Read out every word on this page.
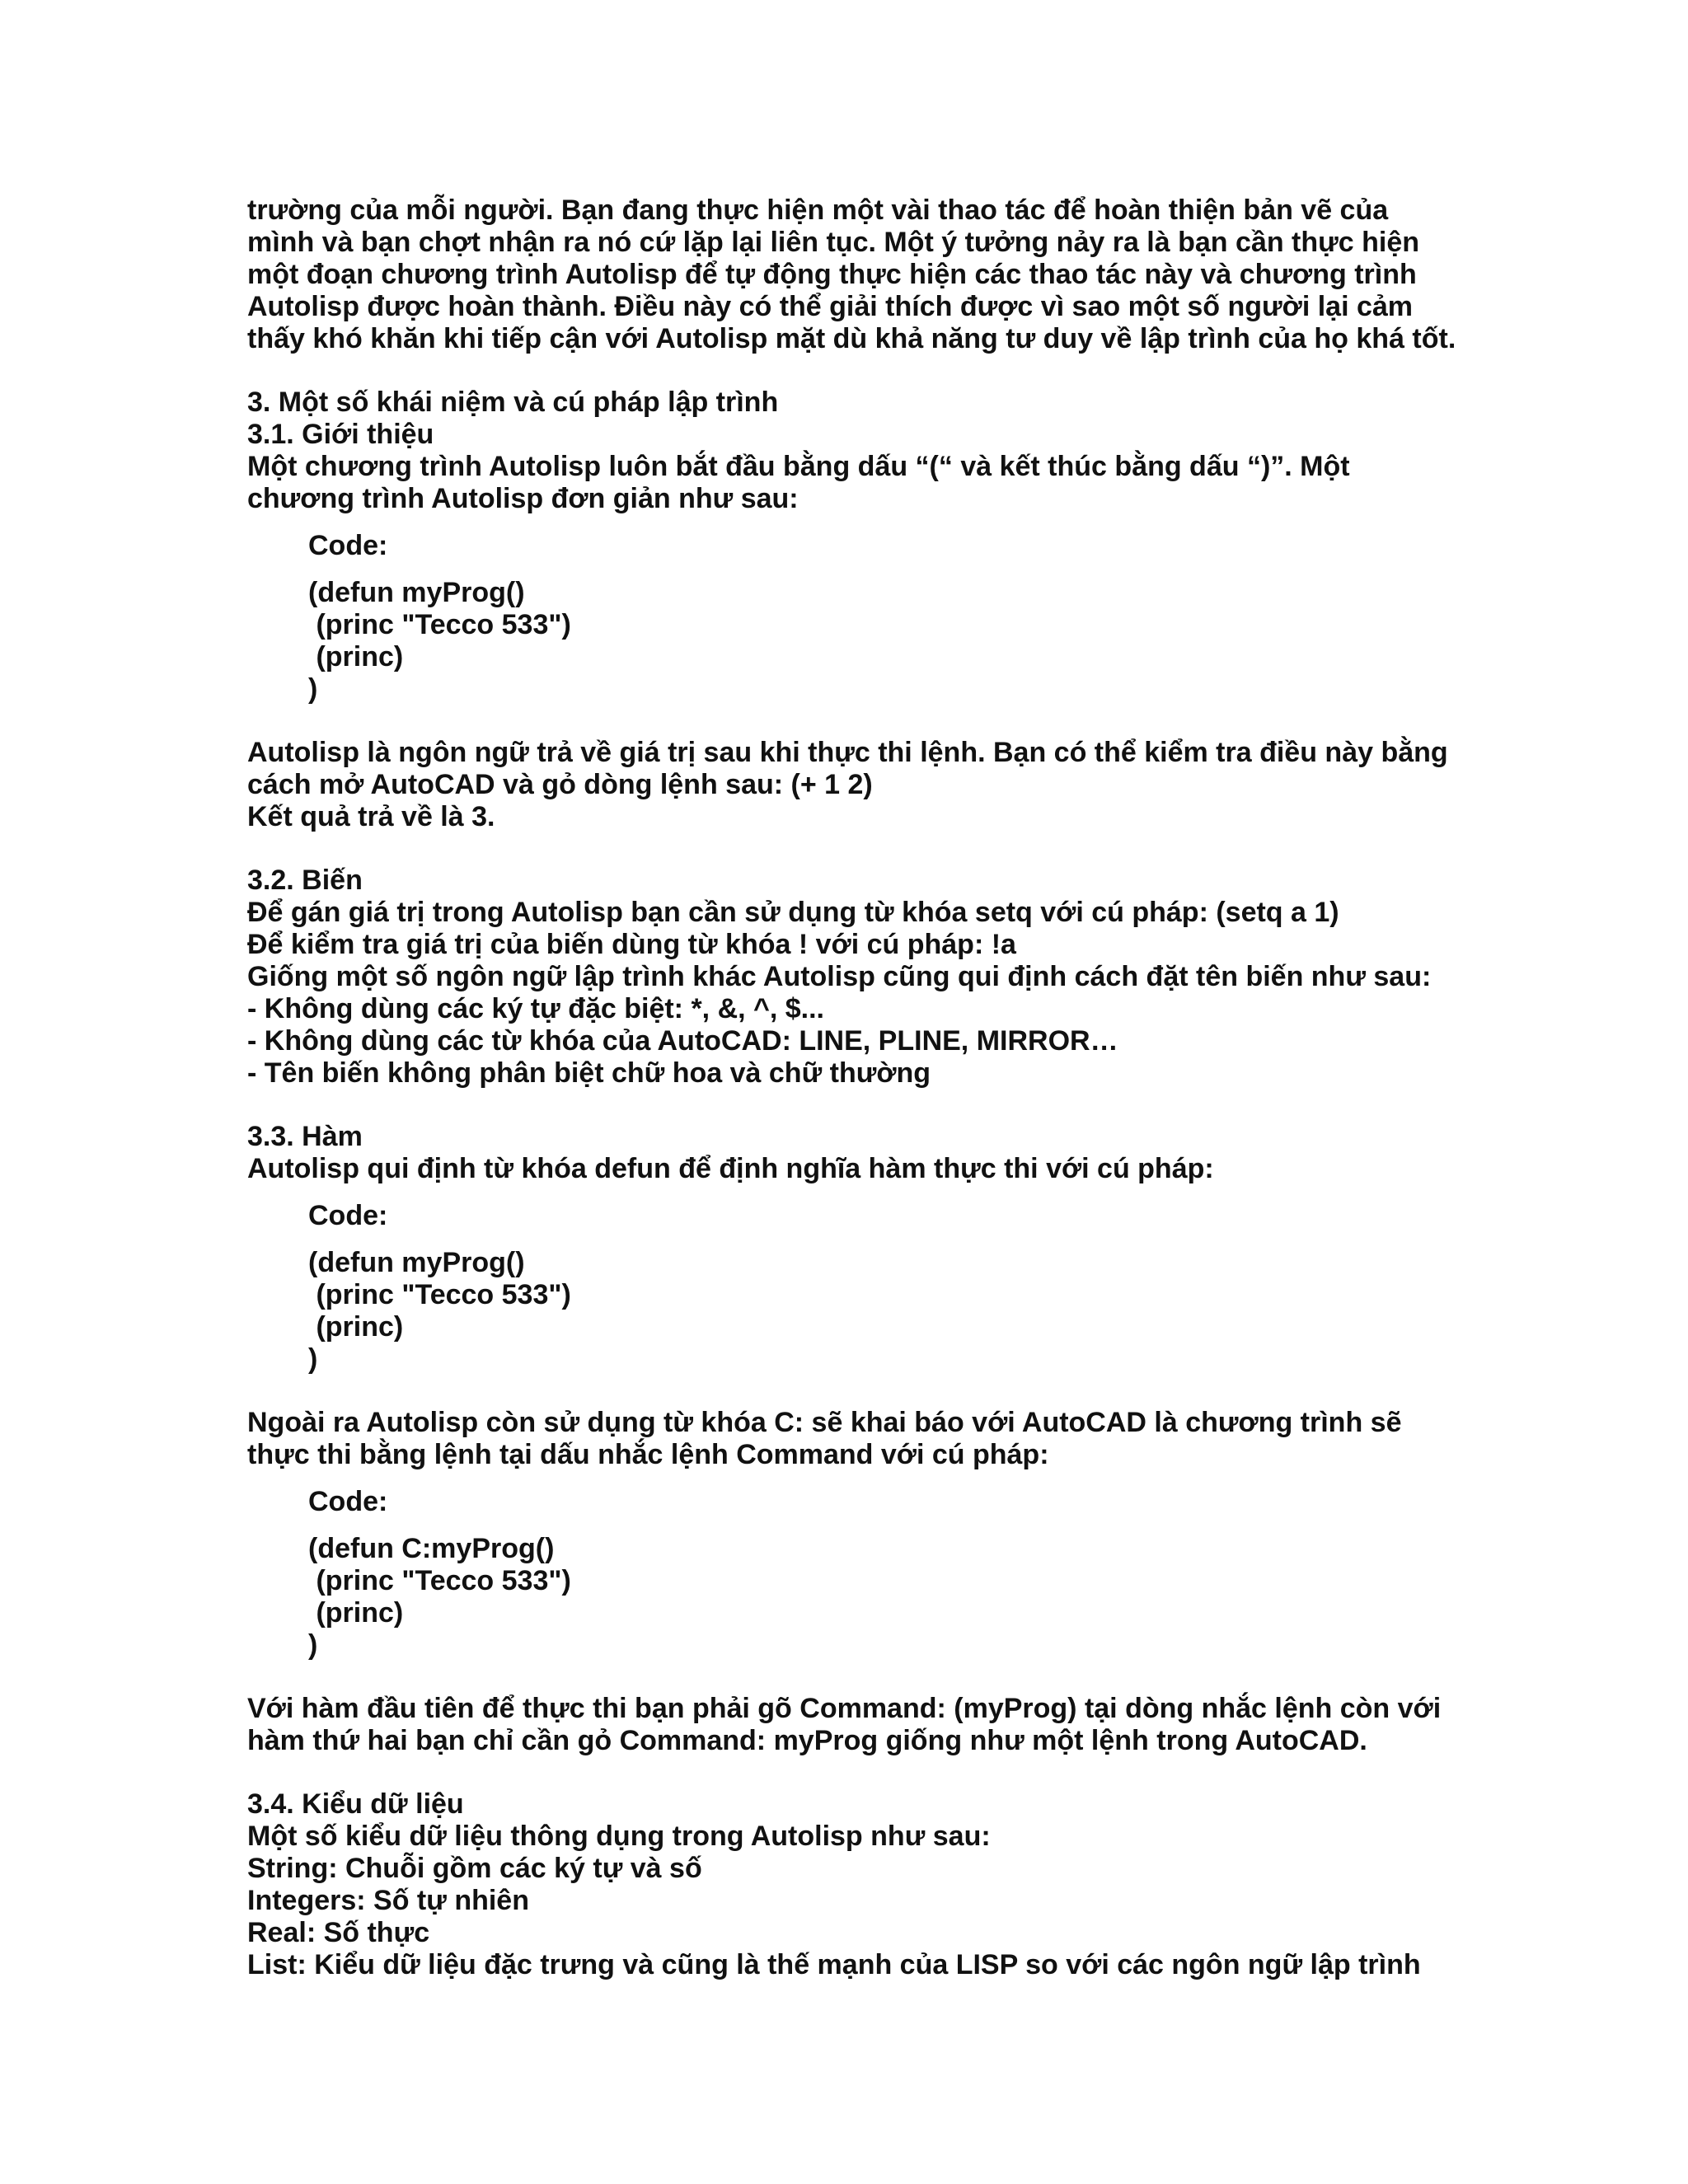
trường của mỗi người. Bạn đang thực hiện một vài thao tác để hoàn thiện bản vẽ của

mình và bạn chợt nhận ra nó cứ lặp lại liên tục. Một ý tưởng nảy ra là bạn cần thực hiện

một đoạn chương trình Autolisp để tự động thực hiện các thao tác này và chương trình

Autolisp được hoàn thành. Điều này có thể giải thích được vì sao một số người lại cảm

thấy khó khăn khi tiếp cận với Autolisp mặt dù khả năng tư duy về lập trình của họ khá tốt.

3. Một số khái niệm và cú pháp lập trình

3.1. Giới thiệu

Một chương trình Autolisp luôn bắt đầu bằng dấu “(“ và kết thúc bằng dấu “)”. Một

chương trình Autolisp đơn giản như sau:

Code:

(defun myProg()

(princ "Tecco 533")

(princ)

)

Autolisp là ngôn ngữ trả về giá trị sau khi thực thi lệnh. Bạn có thể kiểm tra điều này bằng

cách mở AutoCAD và gỏ dòng lệnh sau: (+ 1 2)

Kết quả trả về là 3.

3.2. Biến

Để gán giá trị trong Autolisp bạn cần sử dụng từ khóa setq với cú pháp: (setq a 1)

Để kiểm tra giá trị của biến dùng từ khóa ! với cú pháp: !a

Giống một số ngôn ngữ lập trình khác Autolisp cũng qui định cách đặt tên biến như sau:

- Không dùng các ký tự đặc biệt: *, &, ^, $...

- Không dùng các từ khóa của AutoCAD: LINE, PLINE, MIRROR…

- Tên biến không phân biệt chữ hoa và chữ thường

3.3. Hàm

Autolisp qui định từ khóa defun để định nghĩa hàm thực thi với cú pháp:

Code:

(defun myProg()

(princ "Tecco 533")

(princ)

)

Ngoài ra Autolisp còn sử dụng từ khóa C: sẽ khai báo với AutoCAD là chương trình sẽ

thực thi bằng lệnh tại dấu nhắc lệnh Command với cú pháp:

Code:

(defun C:myProg()

(princ "Tecco 533")

(princ)

)

Với hàm đầu tiên để thực thi bạn phải gõ Command: (myProg) tại dòng nhắc lệnh còn với

hàm thứ hai bạn chỉ cần gỏ Command: myProg giống như một lệnh trong AutoCAD.

3.4. Kiểu dữ liệu

Một số kiểu dữ liệu thông dụng trong Autolisp như sau:

String: Chuỗi gồm các ký tự và số

Integers: Số tự nhiên

Real: Số thực

List: Kiểu dữ liệu đặc trưng và cũng là thế mạnh của LISP so với các ngôn ngữ lập trình
